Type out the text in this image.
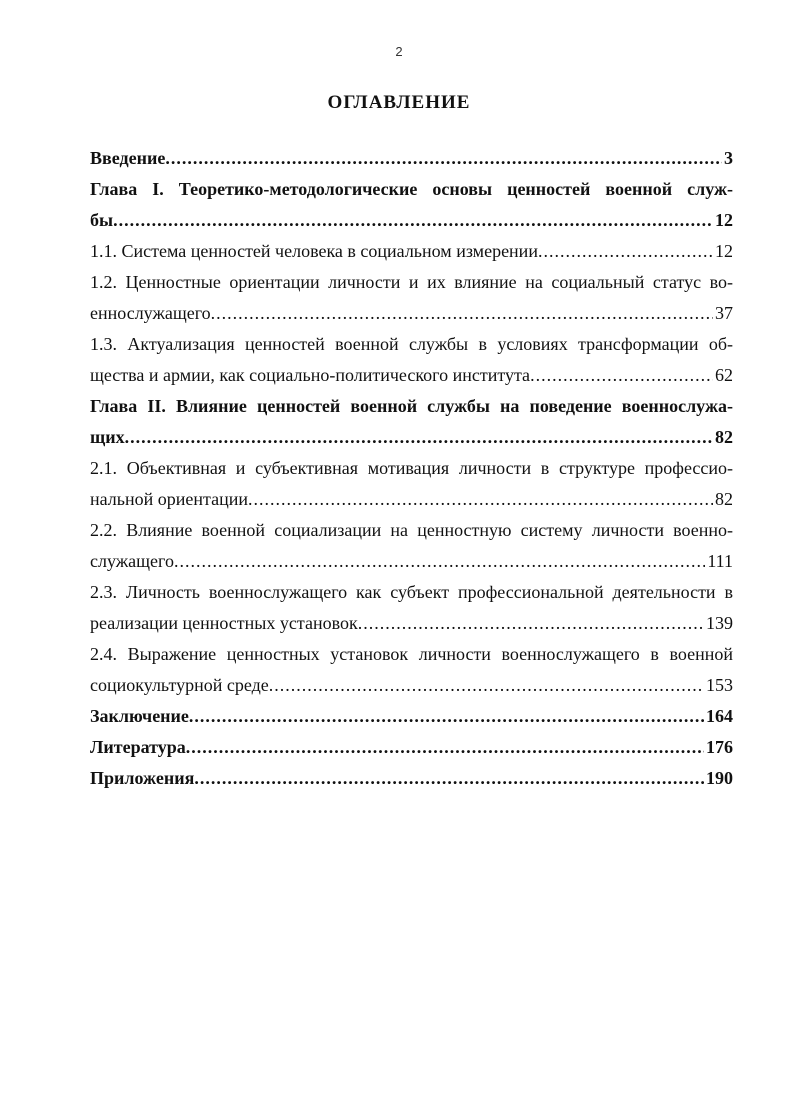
2
ОГЛАВЛЕНИЕ
Введение .....	3
Глава I. Теоретико-методологические основы ценностей военной служ-
бы .....	12
1.1. Система ценностей человека в социальном измерении .....	12
1.2. Ценностные ориентации личности и их влияние на социальный статус во-
еннослужащего .....	37
1.3. Актуализация ценностей военной службы в условиях трансформации об-
щества и армии, как социально-политического института .....	62
Глава II. Влияние ценностей военной службы на поведение военнослужа-
щих .....	82
2.1. Объективная и субъективная мотивация личности в структуре профессио-
нальной ориентации .....	82
2.2. Влияние военной социализации на ценностную систему личности военно-
служащего .....	111
2.3. Личность военнослужащего как субъект профессиональной деятельности в
реализации ценностных установок .....	139
2.4. Выражение ценностных установок личности военнослужащего в военной
социокультурной среде .....	153
Заключение .....	164
Литература .....	176
Приложения .....	190
